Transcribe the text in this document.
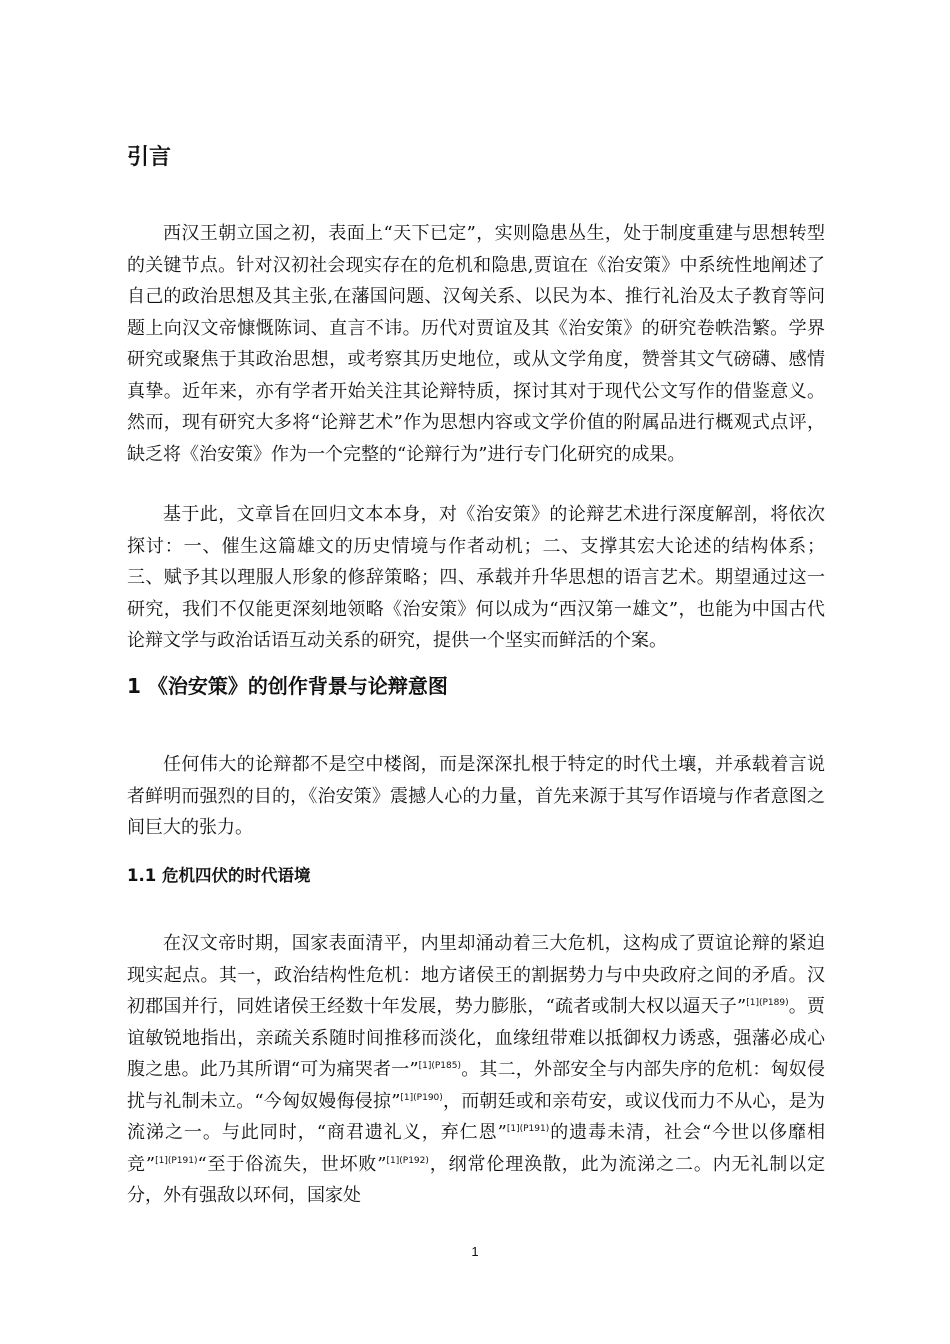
引言

西汉王朝立国之初，表面上“天下已定”，实则隐患丛生，处于制度重建与思想转型的关键节点。针对汉初社会现实存在的危机和隐患,贾谊在《治安策》中系统性地阐述了自己的政治思想及其主张,在藩国问题、汉匈关系、以民为本、推行礼治及太子教育等问题上向汉文帝慷慨陈词、直言不讳。历代对贾谊及其《治安策》的研究卷帙浩繁。学界研究或聚焦于其政治思想，或考察其历史地位，或从文学角度，赞誉其文气磅礴、感情真挚。近年来，亦有学者开始关注其论辩特质，探讨其对于现代公文写作的借鉴意义。然而，现有研究大多将“论辩艺术”作为思想内容或文学价值的附属品进行概观式点评，缺乏将《治安策》作为一个完整的“论辩行为”进行专门化研究的成果。

基于此，文章旨在回归文本本身，对《治安策》的论辩艺术进行深度解剖，将依次探讨：一、催生这篇雄文的历史情境与作者动机；二、支撑其宏大论述的结构体系；三、赋予其以理服人形象的修辞策略；四、承载并升华思想的语言艺术。期望通过这一研究，我们不仅能更深刻地领略《治安策》何以成为“西汉第一雄文”，也能为中国古代论辩文学与政治话语互动关系的研究，提供一个坚实而鲜活的个案。

1 《治安策》的创作背景与论辩意图

任何伟大的论辩都不是空中楼阁，而是深深扎根于特定的时代土壤，并承载着言说者鲜明而强烈的目的，《治安策》震撼人心的力量，首先来源于其写作语境与作者意图之间巨大的张力。

1.1 危机四伏的时代语境

在汉文帝时期，国家表面清平，内里却涌动着三大危机，这构成了贾谊论辩的紧迫现实起点。其一，政治结构性危机：地方诸侯王的割据势力与中央政府之间的矛盾。汉初郡国并行，同姓诸侯王经数十年发展，势力膨胀，“疏者或制大权以逼天子”$^{[1](P189)}$。贾谊敏锐地指出，亲疏关系随时间推移而淡化，血缘纽带难以抵御权力诱惑，强藩必成心腹之患。此乃其所谓“可为痛哭者一”$^{[1](P185)}$。其二，外部安全与内部失序的危机：匈奴侵扰与礼制未立。“今匈奴嫚侮侵掠”$^{[1](P190)}$，而朝廷或和亲苟安，或议伐而力不从心，是为流涕之一。与此同时，“商君遗礼义，弃仁恩”$^{[1](P191)}$的遗毒未清，社会“今世以侈靡相竞”$^{[1](P191)}$“至于俗流失，世坏败”$^{[1](P192)}$，纲常伦理涣散，此为流涕之二。内无礼制以定分，外有强敌以环伺，国家处

1
